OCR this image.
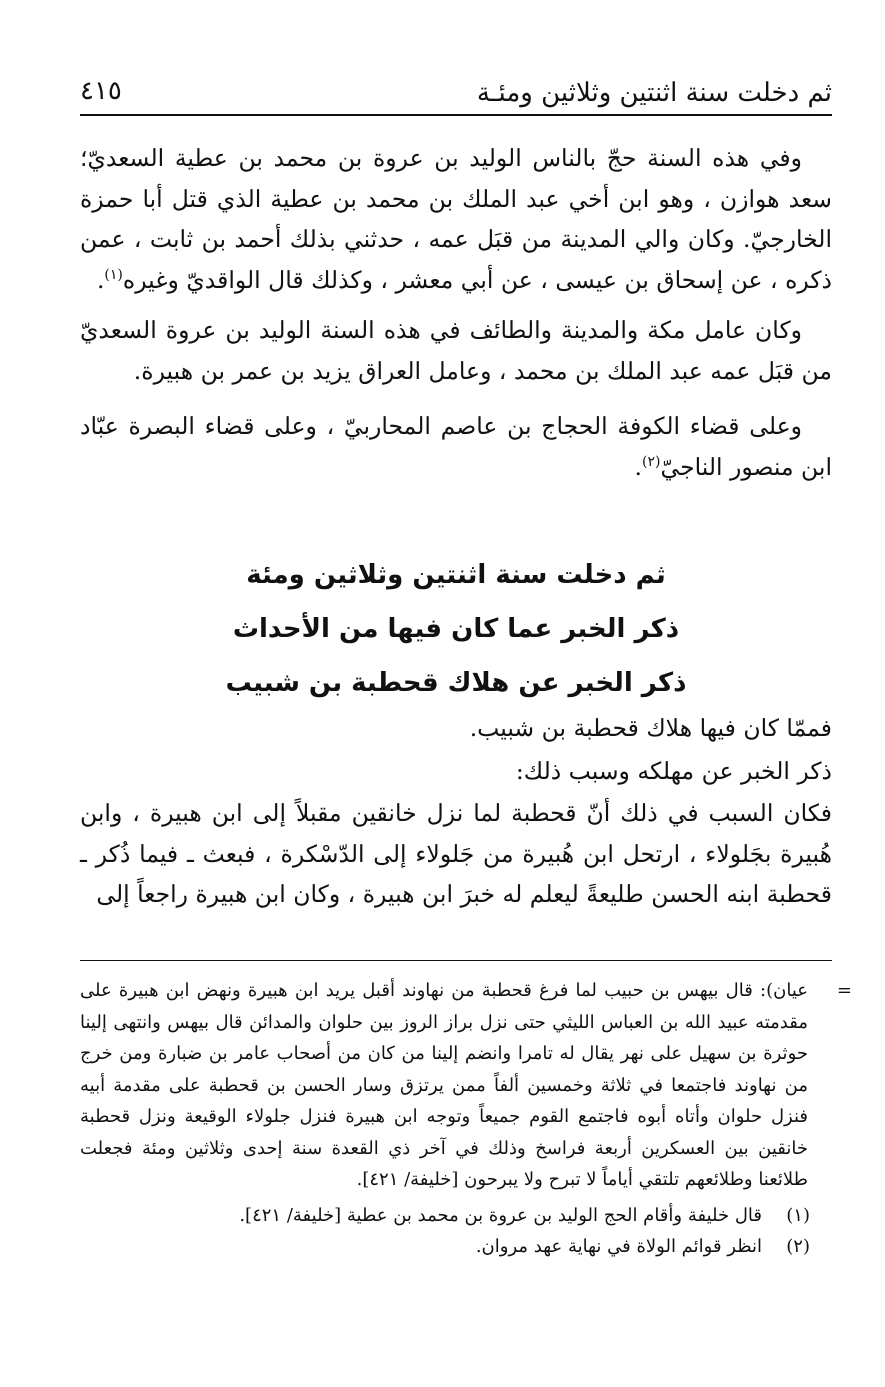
ثم دخلت سنة اثنتين وثلاثين ومئـة
٤١٥

وفي هذه السنة حجّ بالناس الوليد بن عروة بن محمد بن عطية السعديّ؛ سعد هوازن ، وهو ابن أخي عبد الملك بن محمد بن عطية الذي قتل أبا حمزة الخارجيّ. وكان والي المدينة من قبَل عمه ، حدثني بذلك أحمد بن ثابت ، عمن ذكره ، عن إسحاق بن عيسى ، عن أبي معشر ، وكذلك قال الواقديّ وغيره$^{(١)}$.

وكان عامل مكة والمدينة والطائف في هذه السنة الوليد بن عروة السعديّ من قبَل عمه عبد الملك بن محمد ، وعامل العراق يزيد بن عمر بن هبيرة.

وعلى قضاء الكوفة الحجاج بن عاصم المحاربيّ ، وعلى قضاء البصرة عبّاد ابن منصور الناجيّ$^{(٢)}$.

ثم دخلت سنة اثنتين وثلاثين ومئة
ذكر الخبر عما كان فيها من الأحداث
ذكر الخبر عن هلاك قحطبة بن شبيب

فممّا كان فيها هلاك قحطبة بن شبيب.

ذكر الخبر عن مهلكه وسبب ذلك:

فكان السبب في ذلك أنّ قحطبة لما نزل خانقين مقبلاً إلى ابن هبيرة ، وابن هُبيرة بجَلولاء ، ارتحل ابن هُبيرة من جَلولاء إلى الدّسْكرة ، فبعث ـ فيما ذُكر ـ قحطبة ابنه الحسن طليعةً ليعلم له خبرَ ابن هبيرة ، وكان ابن هبيرة راجعاً إلى

=
عيان): قال بيهس بن حبيب لما فرغ قحطبة من نهاوند أقبل يريد ابن هبيرة ونهض ابن هبيرة على مقدمته عبيد الله بن العباس الليثي حتى نزل براز الروز بين حلوان والمدائن قال بيهس وانتهى إلينا حوثرة بن سهيل على نهر يقال له تامرا وانضم إلينا من كان من أصحاب عامر بن ضبارة ومن خرج من نهاوند فاجتمعا في ثلاثة وخمسين ألفاً ممن يرتزق وسار الحسن بن قحطبة على مقدمة أبيه فنزل حلوان وأتاه أبوه فاجتمع القوم جميعاً وتوجه ابن هبيرة فنزل جلولاء الوقيعة ونزل قحطبة خانقين بين العسكرين أربعة فراسخ وذلك في آخر ذي القعدة سنة إحدى وثلاثين ومئة فجعلت طلائعنا وطلائعهم تلتقي أياماً لا تبرح ولا يبرحون [خليفة/ ٤٢١].
(١)
قال خليفة وأقام الحج الوليد بن عروة بن محمد بن عطية [خليفة/ ٤٢١].
(٢)
انظر قوائم الولاة في نهاية عهد مروان.
